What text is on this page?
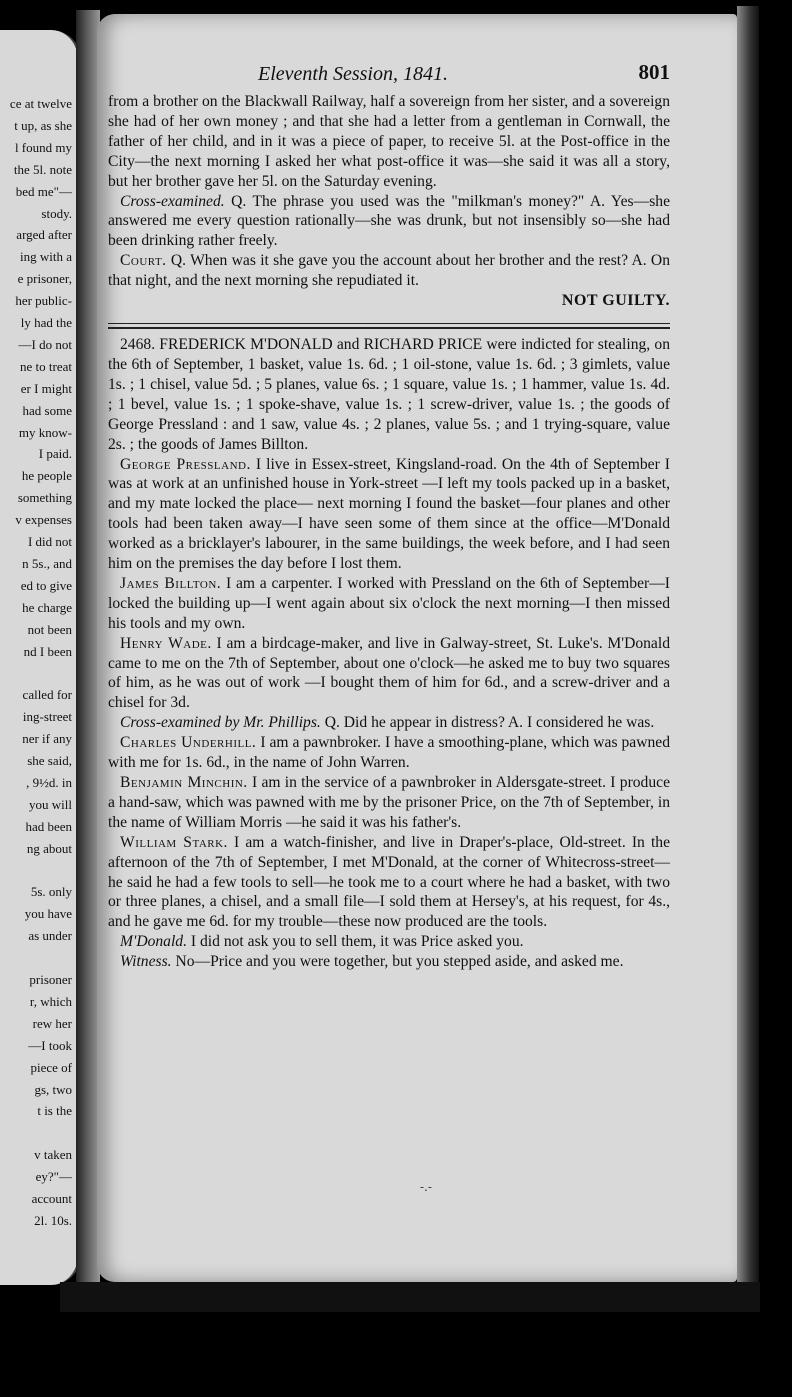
ce at twelve
t up, as she
l found my
the 5l. note
bed me"—
stody.
arged after
ing with a
e prisoner,
her public-
ly had the
—I do not
ne to treat
er I might
had some
my know-
I paid.
he people
something
v expenses
I did not
n 5s., and
ed to give
he charge
not been
nd I been
called for
ing-street
ner if any
she said,
, 9½d. in
you will
had been
ng about
5s. only
you have
as under
prisoner
r, which
rew her
—I took
piece of
gs, two
t is the
v taken
ey?"—
account
2l. 10s.
Eleventh Session, 1841.	801

from a brother on the Blackwall Railway, half a sovereign from her sister, and a sovereign she had of her own money ; and that she had a letter from a gentleman in Cornwall, the father of her child, and in it was a piece of paper, to receive 5l. at the Post-office in the City—the next morning I asked her what post-office it was—she said it was all a story, but her brother gave her 5l. on the Saturday evening.

Cross-examined. Q. The phrase you used was the "milkman's money?" A. Yes—she answered me every question rationally—she was drunk, but not insensibly so—she had been drinking rather freely.

Court. Q. When was it she gave you the account about her brother and the rest? A. On that night, and the next morning she repudiated it.

NOT GUILTY.

2468. FREDERICK M'DONALD and RICHARD PRICE were indicted for stealing, on the 6th of September, 1 basket, value 1s. 6d. ; 1 oil-stone, value 1s. 6d. ; 3 gimlets, value 1s. ; 1 chisel, value 5d. ; 5 planes, value 6s. ; 1 square, value 1s. ; 1 hammer, value 1s. 4d. ; 1 bevel, value 1s. ; 1 spoke-shave, value 1s. ; 1 screw-driver, value 1s. ; the goods of George Pressland : and 1 saw, value 4s. ; 2 planes, value 5s. ; and 1 trying-square, value 2s. ; the goods of James Billton.

George Pressland. I live in Essex-street, Kingsland-road. On the 4th of September I was at work at an unfinished house in York-street —I left my tools packed up in a basket, and my mate locked the place— next morning I found the basket—four planes and other tools had been taken away—I have seen some of them since at the office—M'Donald worked as a bricklayer's labourer, in the same buildings, the week before, and I had seen him on the premises the day before I lost them.

James Billton. I am a carpenter. I worked with Pressland on the 6th of September—I locked the building up—I went again about six o'clock the next morning—I then missed his tools and my own.

Henry Wade. I am a birdcage-maker, and live in Galway-street, St. Luke's. M'Donald came to me on the 7th of September, about one o'clock—he asked me to buy two squares of him, as he was out of work —I bought them of him for 6d., and a screw-driver and a chisel for 3d.

Cross-examined by Mr. Phillips. Q. Did he appear in distress? A. I considered he was.

Charles Underhill. I am a pawnbroker. I have a smoothing-plane, which was pawned with me for 1s. 6d., in the name of John Warren.

Benjamin Minchin. I am in the service of a pawnbroker in Aldersgate-street. I produce a hand-saw, which was pawned with me by the prisoner Price, on the 7th of September, in the name of William Morris —he said it was his father's.

William Stark. I am a watch-finisher, and live in Draper's-place, Old-street. In the afternoon of the 7th of September, I met M'Donald, at the corner of Whitecross-street—he said he had a few tools to sell—he took me to a court where he had a basket, with two or three planes, a chisel, and a small file—I sold them at Hersey's, at his request, for 4s., and he gave me 6d. for my trouble—these now produced are the tools.

M'Donald. I did not ask you to sell them, it was Price asked you.

Witness. No—Price and you were together, but you stepped aside, and asked me.

-.-
